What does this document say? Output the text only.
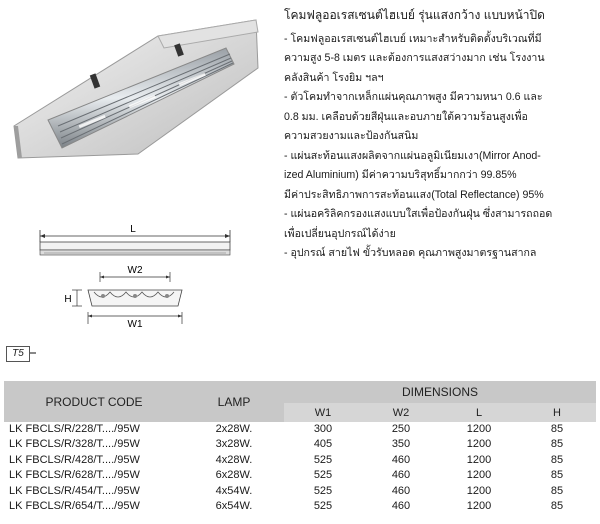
L
W2
H
W1
T5
โคมฟลูออเรสเซนต์ไฮเบย์ รุ่นแสงกว้าง แบบหน้าปิด
- โคมฟลูออเรสเซนต์ไฮเบย์ เหมาะสำหรับติดตั้งบริเวณที่มี
ความสูง 5-8 เมตร และต้องการแสงสว่างมาก เช่น โรงงาน
คลังสินค้า โรงยิม ฯลฯ
- ตัวโคมทำจากเหล็กแผ่นคุณภาพสูง มีความหนา 0.6 และ
0.8 มม. เคลือบด้วยสีฝุ่นและอบภายใต้ความร้อนสูงเพื่อ
ความสวยงามและป้องกันสนิม
- แผ่นสะท้อนแสงผลิตจากแผ่นอลูมิเนียมเงา(Mirror Anod-
ized Aluminium) มีค่าความบริสุทธิ์มากกว่า 99.85%
มีค่าประสิทธิภาพการสะท้อนแสง(Total Reflectance) 95%
- แผ่นอคริลิคกรองแสงแบบใสเพื่อป้องกันฝุ่น ซึ่งสามารถถอด
เพื่อเปลี่ยนอุปกรณ์ได้ง่าย
- อุปกรณ์ สายไฟ ขั้วรับหลอด คุณภาพสูงมาตรฐานสากล
PRODUCT CODE	LAMP	DIMENSIONS			
		W1	W2	L	H
LK FBCLS/R/228/T..../95W	2x28W.	300	250	1200	85
LK FBCLS/R/328/T..../95W	3x28W.	405	350	1200	85
LK FBCLS/R/428/T..../95W	4x28W.	525	460	1200	85
LK FBCLS/R/628/T..../95W	6x28W.	525	460	1200	85
LK FBCLS/R/454/T..../95W	4x54W.	525	460	1200	85
LK FBCLS/R/654/T..../95W	6x54W.	525	460	1200	85
